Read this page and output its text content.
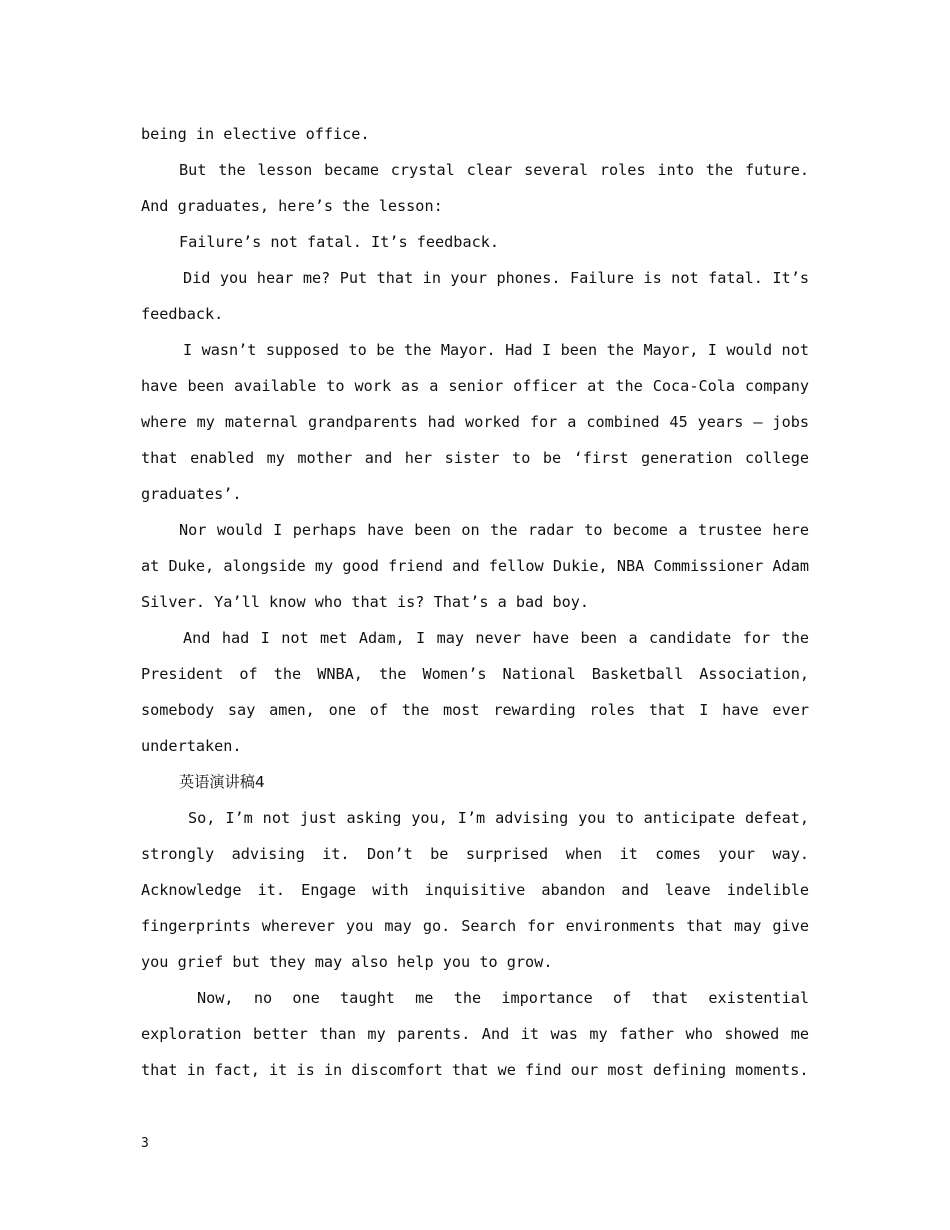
being in elective office.

But the lesson became crystal clear several roles into the future. And graduates, here’s the lesson:

Failure’s not fatal. It’s feedback.

Did you hear me? Put that in your phones. Failure is not fatal. It’s feedback.

I wasn’t supposed to be the Mayor. Had I been the Mayor, I would not have been available to work as a senior officer at the Coca-Cola company where my maternal grandparents had worked for a combined 45 years – jobs that enabled my mother and her sister to be ‘first generation college graduates’.

Nor would I perhaps have been on the radar to become a trustee here at Duke, alongside my good friend and fellow Dukie, NBA Commissioner Adam Silver. Ya’ll know who that is? That’s a bad boy.

And had I not met Adam, I may never have been a candidate for the President of the WNBA, the Women’s National Basketball Association, somebody say amen, one of the most rewarding roles that I have ever undertaken.

英语演讲稿4

So, I’m not just asking you, I’m advising you to anticipate defeat, strongly advising it. Don’t be surprised when it comes your way. Acknowledge it. Engage with inquisitive abandon and leave indelible fingerprints wherever you may go. Search for environments that may give you grief but they may also help you to grow.

Now, no one taught me the importance of that existential exploration better than my parents. And it was my father who showed me that in fact, it is in discomfort that we find our most defining moments.

3
